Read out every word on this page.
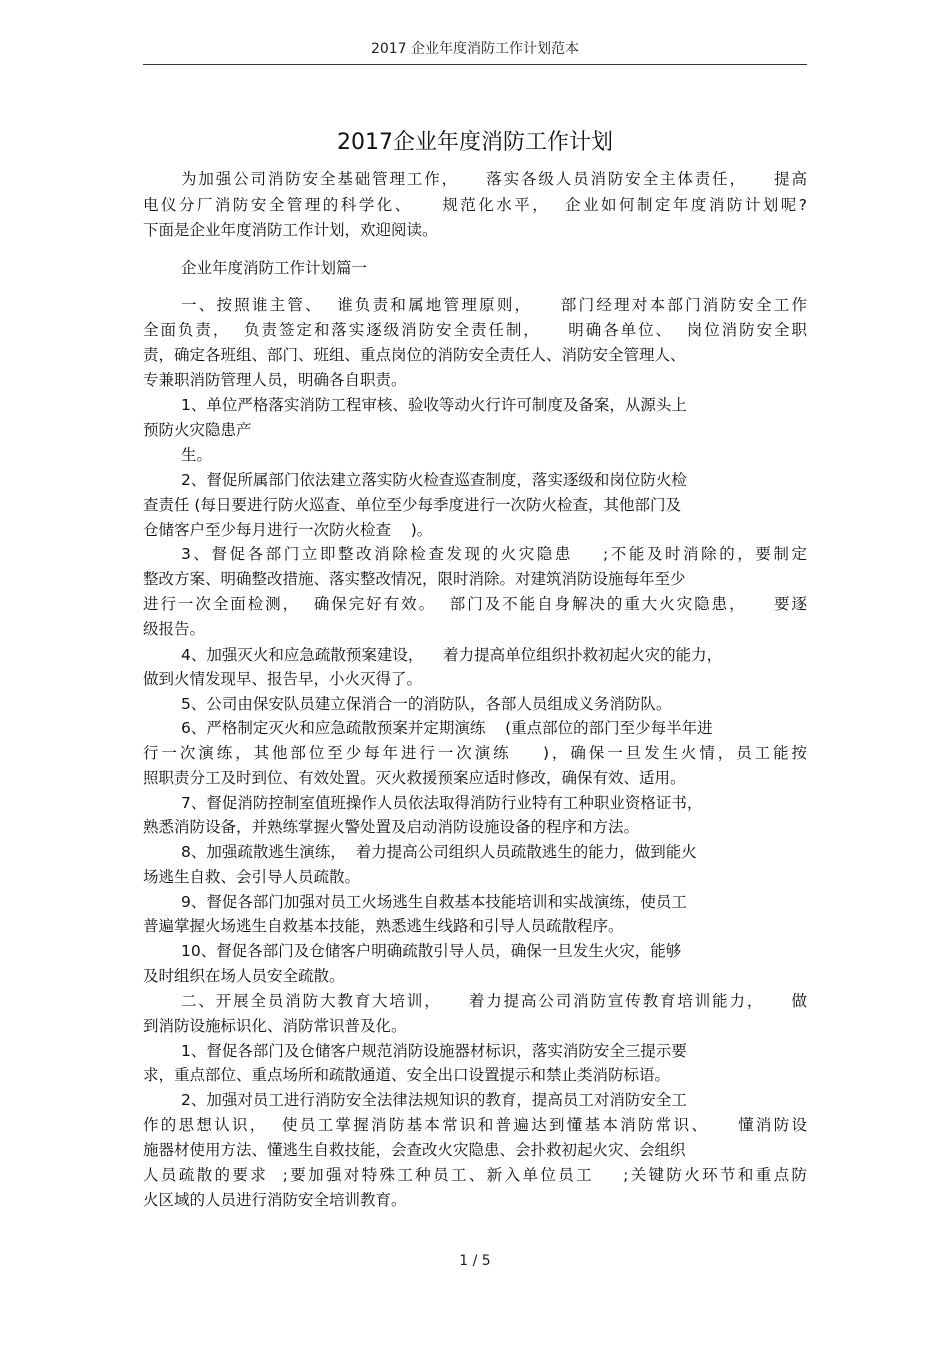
2017 企业年度消防工作计划范本
2017企业年度消防工作计划
为加强公司消防安全基础管理工作，    落实各级人员消防安全主体责任，    提高
电仪分厂消防安全管理的科学化、    规范化水平，  企业如何制定年度消防计划呢?
下面是企业年度消防工作计划，欢迎阅读。
企业年度消防工作计划篇一
一、按照谁主管、  谁负责和属地管理原则，    部门经理对本部门消防安全工作
全面负责，  负责签定和落实逐级消防安全责任制，    明确各单位、  岗位消防安全职
责，确定各班组、部门、班组、重点岗位的消防安全责任人、消防安全管理人、
专兼职消防管理人员，明确各自职责。
1、单位严格落实消防工程审核、验收等动火行许可制度及备案，从源头上
预防火灾隐患产
生。
2、督促所属部门依法建立落实防火检查巡查制度，落实逐级和岗位防火检
查责任 (每日要进行防火巡查、单位至少每季度进行一次防火检查，其他部门及
仓储客户至少每月进行一次防火检查    )。
3、督促各部门立即整改消除检查发现的火灾隐患    ;不能及时消除的，要制定
整改方案、明确整改措施、落实整改情况，限时消除。对建筑消防设施每年至少
进行一次全面检测，  确保完好有效。  部门及不能自身解决的重大火灾隐患，    要逐
级报告。
4、加强灭火和应急疏散预案建设，    着力提高单位组织扑救初起火灾的能力，
做到火情发现早、报告早，小火灭得了。
5、公司由保安队员建立保消合一的消防队，各部人员组成义务消防队。
6、严格制定灭火和应急疏散预案并定期演练    (重点部位的部门至少每半年进
行一次演练，其他部位至少每年进行一次演练    )，确保一旦发生火情，员工能按
照职责分工及时到位、有效处置。灭火救援预案应适时修改，确保有效、适用。
7、督促消防控制室值班操作人员依法取得消防行业特有工种职业资格证书，
熟悉消防设备，并熟练掌握火警处置及启动消防设施设备的程序和方法。
8、加强疏散逃生演练，  着力提高公司组织人员疏散逃生的能力，做到能火
场逃生自救、会引导人员疏散。
9、督促各部门加强对员工火场逃生自救基本技能培训和实战演练，使员工
普遍掌握火场逃生自救基本技能，熟悉逃生线路和引导人员疏散程序。
10、督促各部门及仓储客户明确疏散引导人员，确保一旦发生火灾，能够
及时组织在场人员安全疏散。
二、开展全员消防大教育大培训，    着力提高公司消防宣传教育培训能力，    做
到消防设施标识化、消防常识普及化。
1、督促各部门及仓储客户规范消防设施器材标识，落实消防安全三提示要
求，重点部位、重点场所和疏散通道、安全出口设置提示和禁止类消防标语。
2、加强对员工进行消防安全法律法规知识的教育，提高员工对消防安全工
作的思想认识，  使员工掌握消防基本常识和普遍达到懂基本消防常识、    懂消防设
施器材使用方法、懂逃生自救技能，会查改火灾隐患、会扑救初起火灾、会组织
人员疏散的要求  ;要加强对特殊工种员工、新入单位员工    ;关键防火环节和重点防
火区域的人员进行消防安全培训教育。
1 / 5
